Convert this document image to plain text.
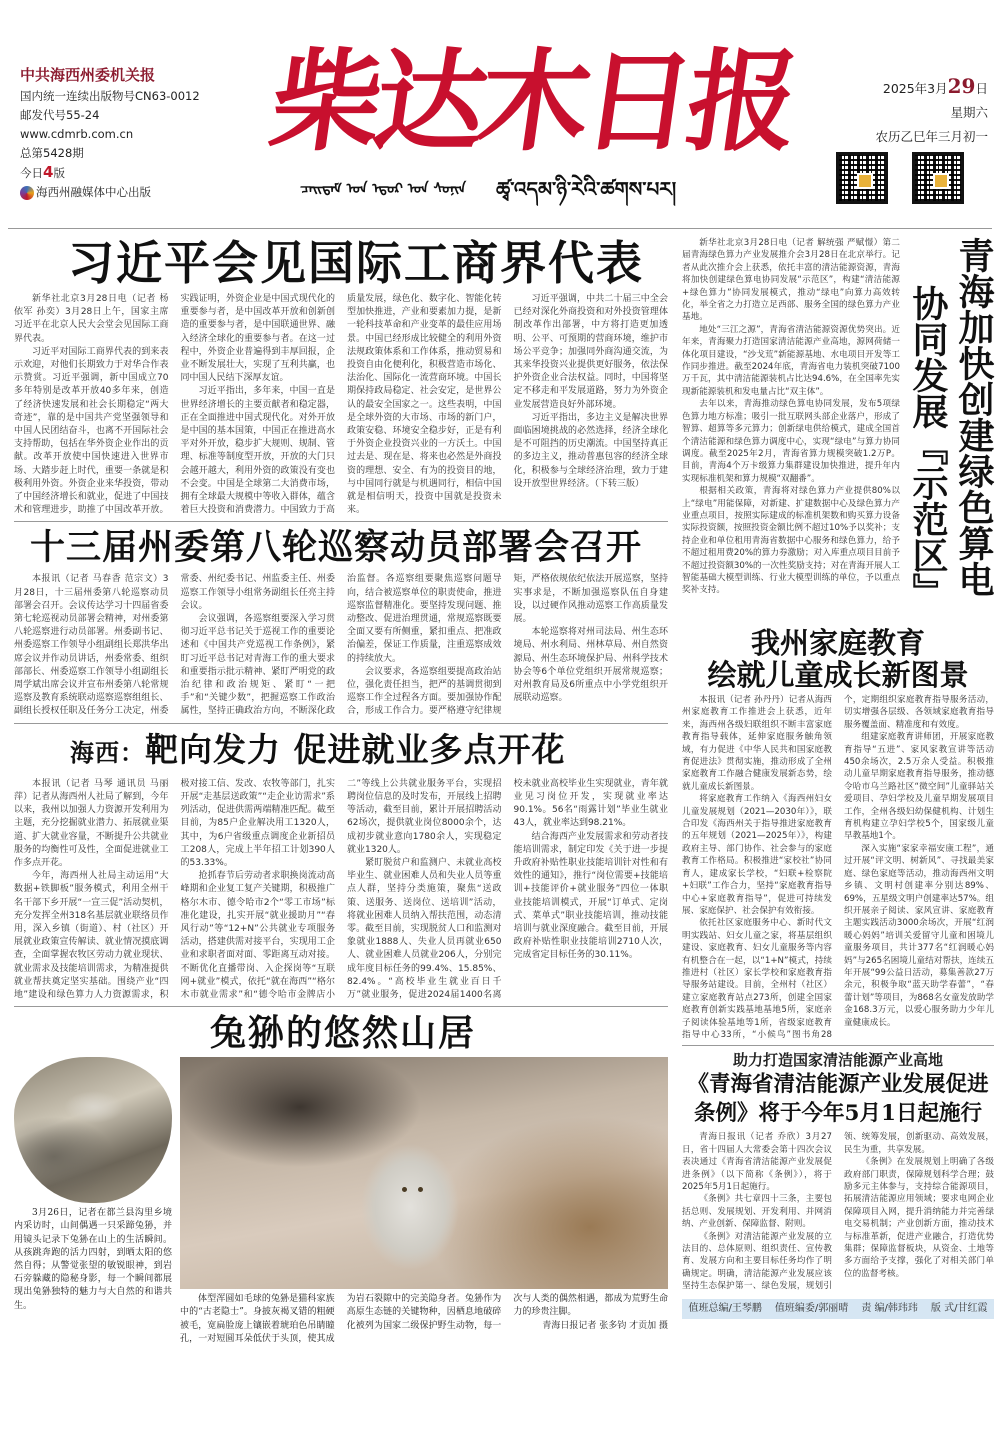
中共海西州委机关报
国内统一连续出版物号CN63-0012
邮发代号55-24
www.cdmrb.com.cn
总第5428期
今日4版
海西州融媒体中心出版
柴达木日报
ᠴᠠᠢᠳᠠᠮ ᠤᠨ ᠡᠳᠦᠷ ᠤᠨ ᠰᠣᠨᠢᠨ	ཚྭ་འདམ་ཉི་རེའི་ཚགས་པར།
2025年3月29日
星期六
农历乙巳年三月初一
习近平会见国际工商界代表

新华社北京3月28日电（记者 杨依军 孙奕）3月28日上午，国家主席习近平在北京人民大会堂会见国际工商界代表。

习近平对国际工商界代表的到来表示欢迎，对他们长期致力于对华合作表示赞赏。习近平强调，新中国成立70多年特别是改革开放40多年来，创造了经济快速发展和社会长期稳定“两大奇迹”，靠的是中国共产党坚强领导和中国人民团结奋斗，也离不开国际社会支持帮助，包括在华外资企业作出的贡献。改革开放使中国快速进入世界市场、大踏步赶上时代，重要一条就是积极利用外资。外资企业来华投资，带动了中国经济增长和就业，促进了中国技术和管理进步，助推了中国改革开放。实践证明，外资企业是中国式现代化的重要参与者，是中国改革开放和创新创造的重要参与者，是中国联通世界、融入经济全球化的重要参与者。在这一过程中，外资企业普遍得到丰厚回报，企业不断发展壮大，实现了互利共赢，也同中国人民结下深厚友谊。

习近平指出，多年来，中国一直是世界经济增长的主要贡献者和稳定器，正在全面推进中国式现代化。对外开放是中国的基本国策，中国正在推进高水平对外开放，稳步扩大规则、规制、管理、标准等制度型开放，开放的大门只会越开越大，利用外资的政策没有变也不会变。中国是全球第二大消费市场，拥有全球最大规模中等收入群体，蕴含着巨大投资和消费潜力。中国致力于高质量发展，绿色化、数字化、智能化转型加快推进，产业和要素加力提，是新一轮科技革命和产业变革的最佳应用场景。中国已经形成比较健全的利用外资法规政策体系和工作体系，推动贸易和投资自由化便利化，积极营造市场化、法治化、国际化一流营商环境。中国长期保持政局稳定、社会安定，是世界公认的最安全国家之一。这些表明，中国是全球外资的大市场、市场的新门户，政策安稳、环境安全稳步好，正是有利于外资企业投资兴业的一方沃土。中国过去是、现在是、将来也必然是外商投资的理想、安全、有为的投资目的地，与中国同行就是与机遇同行，相信中国就是相信明天，投资中国就是投资未来。

习近平强调，中共二十届三中全会已经对深化外商投资和对外投资管理体制改革作出部署，中方将打造更加透明、公平、可预期的营商环境，维护市场公平竞争；加强同外商沟通交流，为其来华投资兴业提供更好服务，依法保护外资企业合法权益。同时，中国将坚定不移走和平发展道路，努力为外资企业发展营造良好外部环境。

习近平指出，多边主义是解决世界面临困境挑战的必然选择，经济全球化是不可阻挡的历史潮流。中国坚持真正的多边主义，推动普惠包容的经济全球化，积极参与全球经济治理，致力于建设开放型世界经济。（下转三版）

十三届州委第八轮巡察动员部署会召开

本报讯（记者 马春香 范宗文）3月28日，十三届州委第八轮巡察动员部署会召开。会议传达学习十四届省委第七轮巡视动员部署会精神，对州委第八轮巡察进行动员部署。州委副书记、州委巡察工作领导小组副组长郑洪华出席会议并作动员讲话，州委常委、组织部部长、州委巡察工作领导小组副组长周学斌出席会议并宣布州委第八轮常规巡察及教育系统联动巡察巡察组组长、副组长授权任职及任务分工决定，州委常委、州纪委书记、州监委主任、州委巡察工作领导小组常务副组长任亮主持会议。

会议强调，各巡察组要深入学习贯彻习近平总书记关于巡视工作的重要论述和《中国共产党巡视工作条例》，紧盯习近平总书记对青海工作的重大要求和重要指示批示精神、紧盯严明党的政治纪律和政治规矩、紧盯“一把手”和“关键少数”，把握巡察工作政治属性，坚持正确政治方向，不断深化政治监督。各巡察组要聚焦巡察问题导向，结合被巡察单位的职责使命，推进巡察监督精准化。要坚持发现问题、推动整改、促进治理贯通，常规巡察既要全面又要有所侧重，紧扣重点、把准政治偏差，保证工作质量，注重巡察成效的持续放大。

会议要求，各巡察组要提高政治站位，强化责任担当，把严的基调贯彻到巡察工作全过程各方面。要加强协作配合，形成工作合力。要严格遵守纪律规矩，严格依规依纪依法开展巡察，坚持实事求是，不断加强巡察队伍自身建设，以过硬作风推动巡察工作高质量发展。

本轮巡察将对州司法局、州生态环境局、州水利局、州林草局、州自然资源局、州生态环境保护局、州科学技术协会等6个单位党组织开展常规巡察；对州教育局及6所重点中小学党组织开展联动巡察。

海西：靶向发力 促进就业多点开花

本报讯（记者 马琴 通讯员 马丽萍）记者从海西州人社局了解到，今年以来，我州以加强人力资源开发利用为主题，充分挖掘就业潜力、拓展就业渠道、扩大就业容量，不断提升公共就业服务的均衡性可及性，全面促进就业工作多点开花。

今年，海西州人社局主动运用“大数据+铁脚板”服务模式，利用全州干名干部下乡开展“一宣三促”活动契机，充分发挥全州318名基层就业联络员作用，深入乡镇（街道）、村（社区）开展就业政策宣传解读、就业情况摸底调查，全面掌握农牧区劳动力就业现状、就业需求及技能培训需求，为精准提供就业帮扶奠定坚实基础。围绕产业“四地”建设和绿色算力人力资源需求，积极对接工信、发改、农牧等部门，扎实开展“走基层送政策”“走企业访需求”系列活动，促进供需两端精准匹配。截至目前，为85户企业解决用工1320人，其中，为6户省级重点调度企业新招员工208人，完成上半年招工计划390人的53.33%。

抢抓春节后劳动者求职换岗流动高峰期和企业复工复产关键期，积极推广格尔木市、德令哈市2个“零工市场”标准化建设，扎实开展“就业援助月”“春风行动”等“12+N”公共就业专项服务活动，搭建供需对接平台，实现用工企业和求职者面对面、零距离互动对接。不断优化直播带岗、入企探岗等“互联网+就业”模式，依托“就在海西”“格尔木市就业需求”和“德令哈市金牌店小二”等线上公共就业服务平台，实现招聘岗位信息的及时发布，开展线上招聘等活动，截至目前，累计开展招聘活动62场次，提供就业岗位8000余个，达成初步就业意向1780余人，实现稳定就业1320人。

紧盯脱贫户和监测户、未就业高校毕业生、就业困难人员和失业人员等重点人群，坚持分类施策，聚焦“送政策、送服务、送岗位、送培训”活动，将就业困难人员纳入帮扶范围，动态清零。截至目前，实现脱贫人口和监测对象就业1888人、失业人员再就业650人、就业困难人员就业206人，分别完成年度目标任务的99.4%、15.85%、82.4%。“高校毕业生就业百日千万”就业服务，促进2024届1400名离校未就业高校毕业生实现就业，青年就业见习岗位开发，实现就业率达90.1%。56名“雨露计划”毕业生就业43人，就业率达到98.21%。

结合海西产业发展需求和劳动者技能培训需求，制定印发《关于进一步提升政府补贴性职业技能培训针对性和有效性的通知》，推行“岗位需要+技能培训+技能评价+就业服务”四位一体职业技能培训模式，开展“订单式、定岗式、菜单式”职业技能培训，推动技能培训与就业深度融合。截至目前，开展政府补贴性职业技能培训2710人次，完成省定目标任务的30.11%。

兔狲的悠然山居

3月26日，记者在都兰县沟里乡境内采访时，山间偶遇一只采蹄兔狲，并用镜头记录下兔狲在山上的生活瞬间。从孩跳奔跑的活力四射，到晒太阳的悠然自得；从警觉张望的敏锐眼神，到岩石旁躲藏的隐秘身影，每一个瞬间都展现出兔狲独特的魅力与大自然的和谐共生。

体型浑圆如毛球的兔狲是猫科家族中的“古老隐士”。身披灰褐叉错的粗硬被毛，宽扁脸庞上镶嵌着琥珀色吊睛瞳孔，一对短圆耳朵低伏于头顶，使其成为岩石裂隙中的完美隐身者。兔狲作为高原生态链的关键物种，因栖息地破碎化被列为国家二级保护野生动物，每一次与人类的偶然相遇，都成为荒野生命力的珍贵注脚。

青海日报记者 张多钧 才贡加 摄
协同发展『示范区』 青海加快创建绿色算电

新华社北京3月28日电（记者 解统强 严赋憬）第二届青海绿色算力产业发展推介会3月28日在北京举行。记者从此次推介会上获悉，依托丰富的清洁能源资源，青海将加快创建绿色算电协同发展“示范区”，构建“清洁能源+绿色算力”协同发展模式，推动“绿电”向算力高效转化，举全省之力打造立足西部、服务全国的绿色算力产业基地。

地处“三江之源”，青海省清洁能源资源优势突出。近年来，青海聚力打造国家清洁能源产业高地，源网荷储一体化项目建设，“沙戈荒”新能源基地、水电项目开发等工作同步推进。截至2024年底，青海省电力装机突破7100万千瓦，其中清洁能源装机占比达94.6%，在全国率先实现新能源装机和发电量占比“双主体”。

去年以来，青海推动绿色算电协同发展，发布5项绿色算力地方标准；吸引一批互联网头部企业落户，形成了智算、超算等多元算力；创新绿电供给模式，建成全国首个清洁能源和绿色算力调度中心，实现“绿电”与算力协同调度。截至2025年2月，青海省算力规模突破1.2万P。目前，青海4个万卡级算力集群建设加快推进，提升年内实现标准机架和算力规模“双翻番”。

根据相关政策，青海将对绿色算力产业提供80%以上“绿电”用能保障，对新建、扩建数据中心及绿色算力产业重点项目，按照实际建成的标准机架数和购买算力设备实际投资额，按照投资金额比例不超过10%予以奖补；支持企业和单位租用青海省数据中心服务和绿色算力，给予不超过租用费20%的算力券激励；对入库重点项目目前予不超过投资额30%的一次性奖励支持；对在青海开展人工智能基础大模型训练、行业大模型训练的单位，予以重点奖补支持。

我州家庭教育
绘就儿童成长新图景

本报讯（记者 孙丹丹）记者从海西州家庭教育工作推进会上获悉，近年来，海西州各级妇联组织不断丰富家庭教育指导载体，延伸家庭服务触角领域，有力促进《中华人民共和国家庭教育促进法》贯彻实施，推动形成了全州家庭教育工作融合健康发展新态势，绘就儿童成长新图景。

将家庭教育工作纳入《海西州妇女儿童发展规划（2021—2030年）》，联合印发《海西州关于指导推进家庭教育的五年规划（2021—2025年）》，构建政府主导、部门协作、社会参与的家庭教育工作格局。积极推进“家校社”协同育人，建成家长学校，“妇联+检察院+妇联”工作合力，坚持“家庭教育指导中心+家庭教育指导”，促进可持续发展、家庭保护、社会保护有效衔接。

依托社区家庭服务中心、新时代文明实践站、妇女儿童之家，将基层组织建设、家庭教育、妇女儿童服务等内容有机整合在一起，以“1+N”模式，持续推进村（社区）家长学校和家庭教育指导服务站建设。目前，全州村（社区）建立家庭教育站点273所，创建全国家庭教育创新实践基地基地5所，家庭亲子阅读体验基地等1所，省级家庭教育指导中心33所，“小候鸟”图书角28个，定期组织家庭教育指导服务活动，切实增强各层级、各领域家庭教育指导服务覆盖面、精准度和有效度。

组建家庭教育讲师团，开展家庭教育指导“五进”、家风家教宣讲等活动450余场次，2.5万余人受益。积极推动儿童早期家庭教育指导服务，推动德令哈市乌兰路社区“微空间”儿童驿站关爱项目、孕妇学校及儿童早期发展项目工作，全州各级妇幼保健机构、计划生育机构建立孕妇学校5个，国家级儿童早教基地1个。

深入实施“家家幸福安康工程”，通过开展“评文明、树新风”、寻找最美家庭、绿色家庭等活动，推动海西州文明乡镇、文明村创建率分别达89%、69%，五星级文明户创建率达57%。组织开展亲子阅读、家风宣讲、家庭教育主题实践活动3000余场次，开展“红润暖心妈妈”培训关爱留守儿童和困境儿童服务项目，共计377名“红润暖心妈妈”与265名困境儿童结对帮扶，连续五年开展“99公益日活动，募集善款27万余元，积极争取“蓝天助学春蕾”，“春蕾计划”等项目，为868名女童发放助学金168.3万元，以爱心服务助力少年儿童健康成长。

助力打造国家清洁能源产业高地
《青海省清洁能源产业发展促进
条例》将于今年5月1日起施行

青海日报讯（记者 乔欣）3月27日，省十四届人大常委会第十四次会议表决通过《青海省清洁能源产业发展促进条例》（以下简称《条例》），将于2025年5月1日起施行。

《条例》共七章四十三条，主要包括总则、发展规划、开发利用、并网消纳、产业创新、保障监督、附则。

《条例》对清洁能源产业发展的立法目的、总体原则、组织责任、宣传教育、发展方向和主要目标任务均作了明确规定。明确，清洁能源产业发展应该坚持生态保护第一、绿色发展，规划引领、统筹发展，创新驱动、高效发展，民生为重，共享发展。

《条例》在发展规划上明确了各级政府部门职责，保障规划科学合理；鼓励多元主体参与，支持综合能源项目，拓展清洁能源应用领域；要求电网企业保障项目入网，提升消纳能力并完善绿电交易机制；产业创新方面，推动技术与标准革新，促进产业融合，打造优势集群；保障监督板块，从资金、土地等多方面给予支撑，强化了对相关部门单位的监督考核。

值班总编/王琴鹏 值班编委/郭丽晴 责 编/韩玮玮 版 式/甘红霞
